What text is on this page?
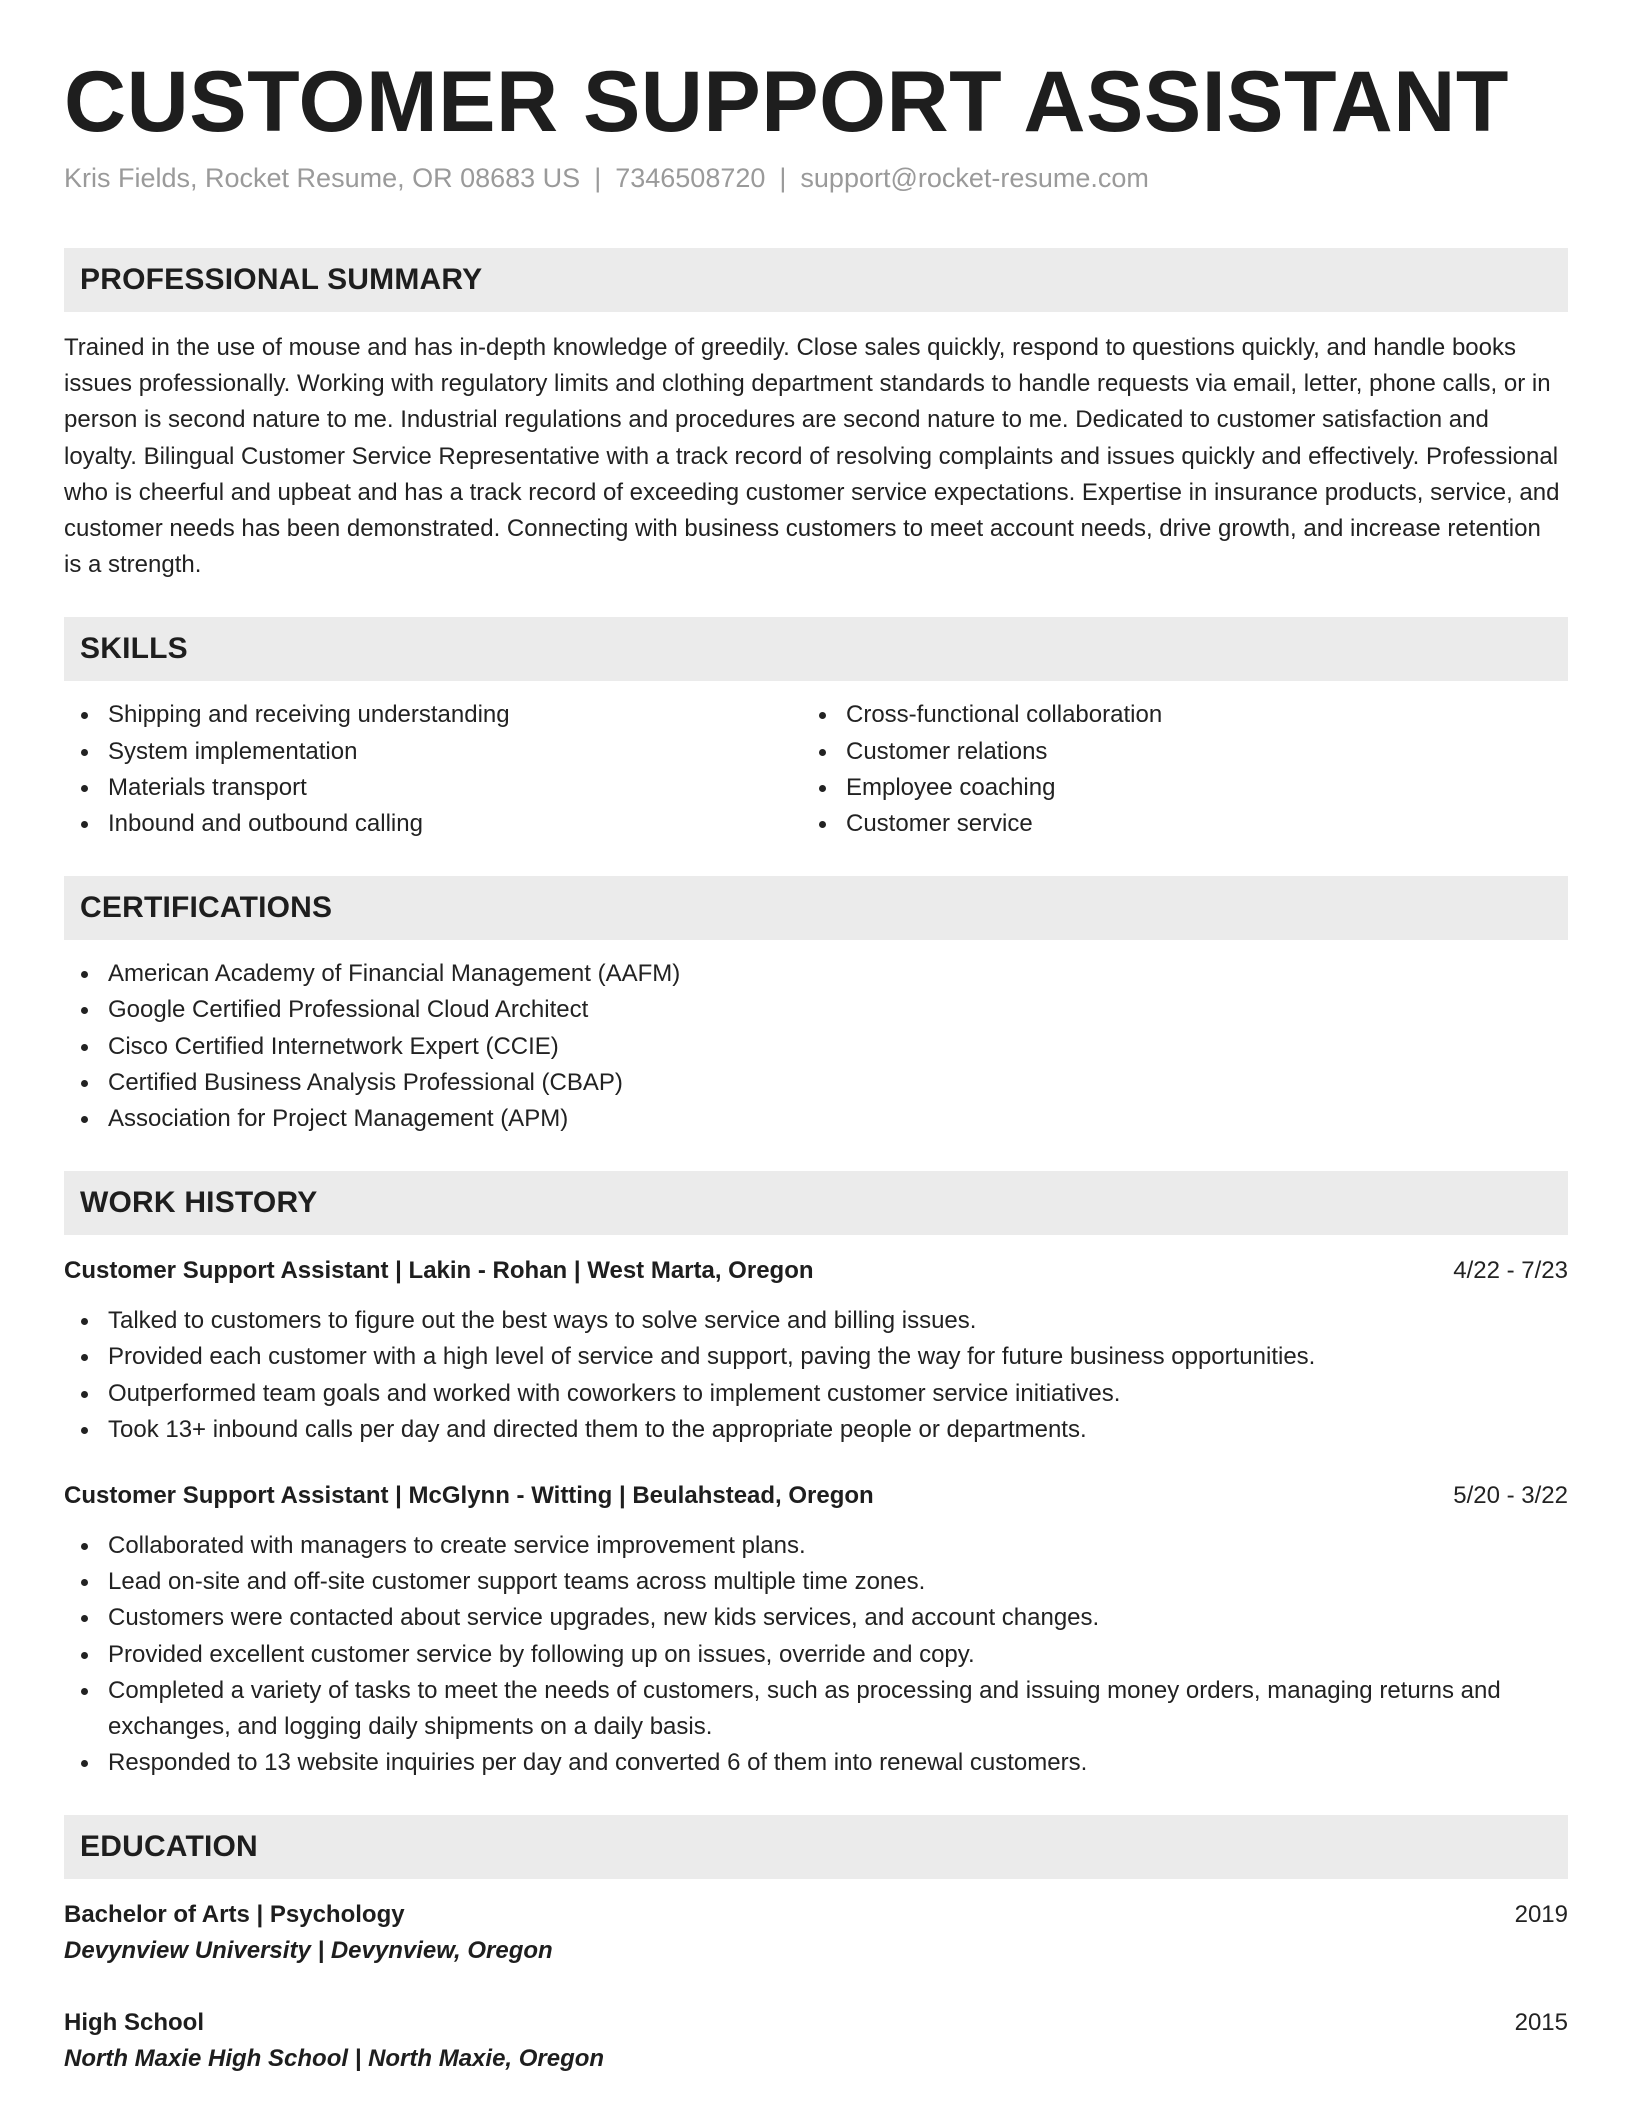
CUSTOMER SUPPORT ASSISTANT
Kris Fields, Rocket Resume, OR 08683 US | 7346508720 | support@rocket-resume.com
PROFESSIONAL SUMMARY

Trained in the use of mouse and has in-depth knowledge of greedily. Close sales quickly, respond to questions quickly, and handle books issues professionally. Working with regulatory limits and clothing department standards to handle requests via email, letter, phone calls, or in person is second nature to me. Industrial regulations and procedures are second nature to me. Dedicated to customer satisfaction and loyalty. Bilingual Customer Service Representative with a track record of resolving complaints and issues quickly and effectively. Professional who is cheerful and upbeat and has a track record of exceeding customer service expectations. Expertise in insurance products, service, and customer needs has been demonstrated. Connecting with business customers to meet account needs, drive growth, and increase retention is a strength.

SKILLS
Shipping and receiving understanding
System implementation
Materials transport
Inbound and outbound calling
Cross-functional collaboration
Customer relations
Employee coaching
Customer service
CERTIFICATIONS
American Academy of Financial Management (AAFM)
Google Certified Professional Cloud Architect
Cisco Certified Internetwork Expert (CCIE)
Certified Business Analysis Professional (CBAP)
Association for Project Management (APM)
WORK HISTORY
Customer Support Assistant | Lakin - Rohan | West Marta, Oregon	4/22 - 7/23
Talked to customers to figure out the best ways to solve service and billing issues.
Provided each customer with a high level of service and support, paving the way for future business opportunities.
Outperformed team goals and worked with coworkers to implement customer service initiatives.
Took 13+ inbound calls per day and directed them to the appropriate people or departments.
Customer Support Assistant | McGlynn - Witting | Beulahstead, Oregon	5/20 - 3/22
Collaborated with managers to create service improvement plans.
Lead on-site and off-site customer support teams across multiple time zones.
Customers were contacted about service upgrades, new kids services, and account changes.
Provided excellent customer service by following up on issues, override and copy.
Completed a variety of tasks to meet the needs of customers, such as processing and issuing money orders, managing returns and exchanges, and logging daily shipments on a daily basis.
Responded to 13 website inquiries per day and converted 6 of them into renewal customers.
EDUCATION
Bachelor of Arts | Psychology	2019
Devynview University | Devynview, Oregon
High School	2015
North Maxie High School | North Maxie, Oregon
